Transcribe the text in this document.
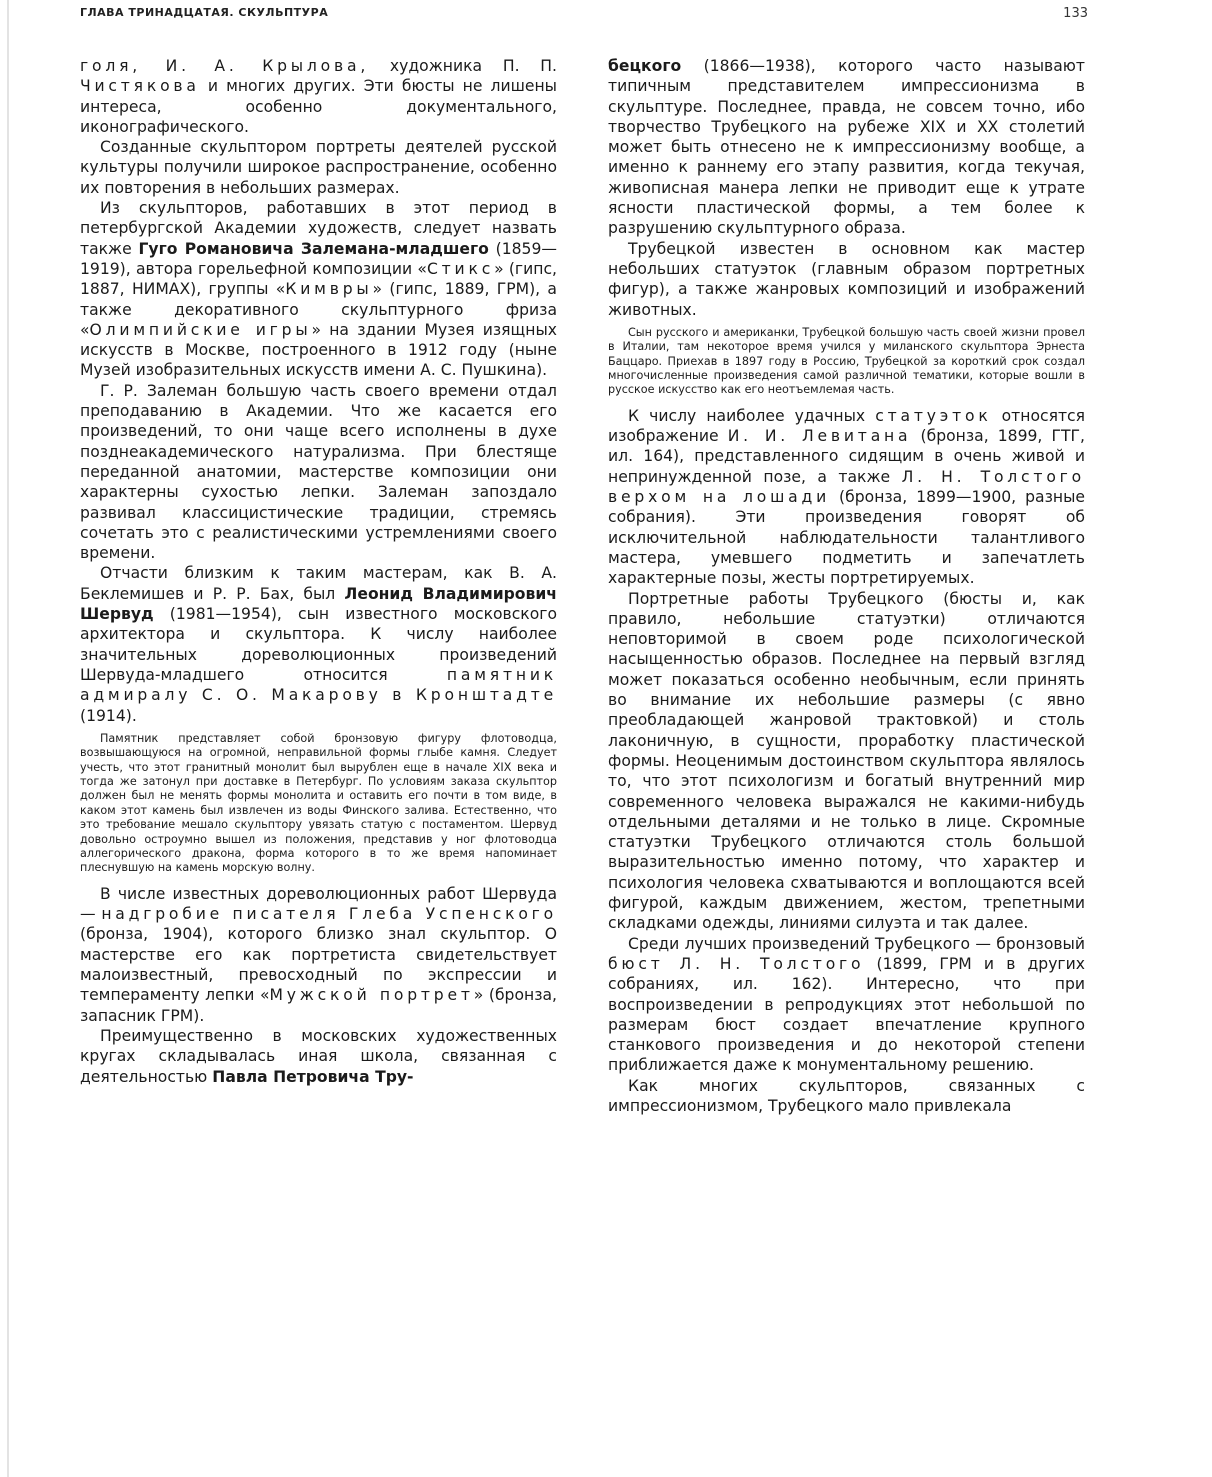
ГЛАВА ТРИНАДЦАТАЯ. СКУЛЬПТУРА	133

голя, И. А. Крылова, художника П. П. Чистякова и многих других. Эти бюсты не лишены интереса, особенно документального, иконографического.

Созданные скульптором портреты деятелей русской культуры получили широкое распространение, особенно их повторения в небольших размерах.

Из скульпторов, работавших в этот период в петербургской Академии художеств, следует назвать также Гуго Романовича Залемана-младшего (1859—1919), автора горельефной композиции «Стикс» (гипс, 1887, НИМАХ), группы «Кимвры» (гипс, 1889, ГРМ), а также декоративного скульптурного фриза «Олимпийские игры» на здании Музея изящных искусств в Москве, построенного в 1912 году (ныне Музей изобразительных искусств имени А. С. Пушкина).

Г. Р. Залеман большую часть своего времени отдал преподаванию в Академии. Что же касается его произведений, то они чаще всего исполнены в духе позднеакадемического натурализма. При блестяще переданной анатомии, мастерстве композиции они характерны сухостью лепки. Залеман запоздало развивал классицистические традиции, стремясь сочетать это с реалистическими устремлениями своего времени.

Отчасти близким к таким мастерам, как В. А. Беклемишев и Р. Р. Бах, был Леонид Владимирович Шервуд (1981—1954), сын известного московского архитектора и скульптора. К числу наиболее значительных дореволюционных произведений Шервуда-младшего относится памятник адмиралу С. О. Макарову в Кронштадте (1914).

Памятник представляет собой бронзовую фигуру флотоводца, возвышающуюся на огромной, неправильной формы глыбе камня. Следует учесть, что этот гранитный монолит был вырублен еще в начале XIX века и тогда же затонул при доставке в Петербург. По условиям заказа скульптор должен был не менять формы монолита и оставить его почти в том виде, в каком этот камень был извлечен из воды Финского залива. Естественно, что это требование мешало скульптору увязать статую с постаментом. Шервуд довольно остроумно вышел из положения, представив у ног флотоводца аллегорического дракона, форма которого в то же время напоминает плеснувшую на камень морскую волну.

В числе известных дореволюционных работ Шервуда — надгробие писателя Глеба Успенского (бронза, 1904), которого близко знал скульптор. О мастерстве его как портретиста свидетельствует малоизвестный, превосходный по экспрессии и темпераменту лепки «Мужской портрет» (бронза, запасник ГРМ).

Преимущественно в московских художественных кругах складывалась иная школа, связанная с деятельностью Павла Петровича Тру-

бецкого (1866—1938), которого часто называют типичным представителем импрессионизма в скульптуре. Последнее, правда, не совсем точно, ибо творчество Трубецкого на рубеже XIX и XX столетий может быть отнесено не к импрессионизму вообще, а именно к раннему его этапу развития, когда текучая, живописная манера лепки не приводит еще к утрате ясности пластической формы, а тем более к разрушению скульптурного образа.

Трубецкой известен в основном как мастер небольших статуэток (главным образом портретных фигур), а также жанровых композиций и изображений животных.

Сын русского и американки, Трубецкой большую часть своей жизни провел в Италии, там некоторое время учился у миланского скульптора Эрнеста Баццаро. Приехав в 1897 году в Россию, Трубецкой за короткий срок создал многочисленные произведения самой различной тематики, которые вошли в русское искусство как его неотъемлемая часть.

К числу наиболее удачных статуэток относятся изображение И. И. Левитана (бронза, 1899, ГТГ, ил. 164), представленного сидящим в очень живой и непринужденной позе, а также Л. Н. Толстого верхом на лошади (бронза, 1899—1900, разные собрания). Эти произведения говорят об исключительной наблюдательности талантливого мастера, умевшего подметить и запечатлеть характерные позы, жесты портретируемых.

Портретные работы Трубецкого (бюсты и, как правило, небольшие статуэтки) отличаются неповторимой в своем роде психологической насыщенностью образов. Последнее на первый взгляд может показаться особенно необычным, если принять во внимание их небольшие размеры (с явно преобладающей жанровой трактовкой) и столь лаконичную, в сущности, проработку пластической формы. Неоценимым достоинством скульптора являлось то, что этот психологизм и богатый внутренний мир современного человека выражался не какими-нибудь отдельными деталями и не только в лице. Скромные статуэтки Трубецкого отличаются столь большой выразительностью именно потому, что характер и психология человека схватываются и воплощаются всей фигурой, каждым движением, жестом, трепетными складками одежды, линиями силуэта и так далее.

Среди лучших произведений Трубецкого — бронзовый бюст Л. Н. Толстого (1899, ГРМ и в других собраниях, ил. 162). Интересно, что при воспроизведении в репродукциях этот небольшой по размерам бюст создает впечатление крупного станкового произведения и до некоторой степени приближается даже к монументальному решению.

Как многих скульпторов, связанных с импрессионизмом, Трубецкого мало привлекала
